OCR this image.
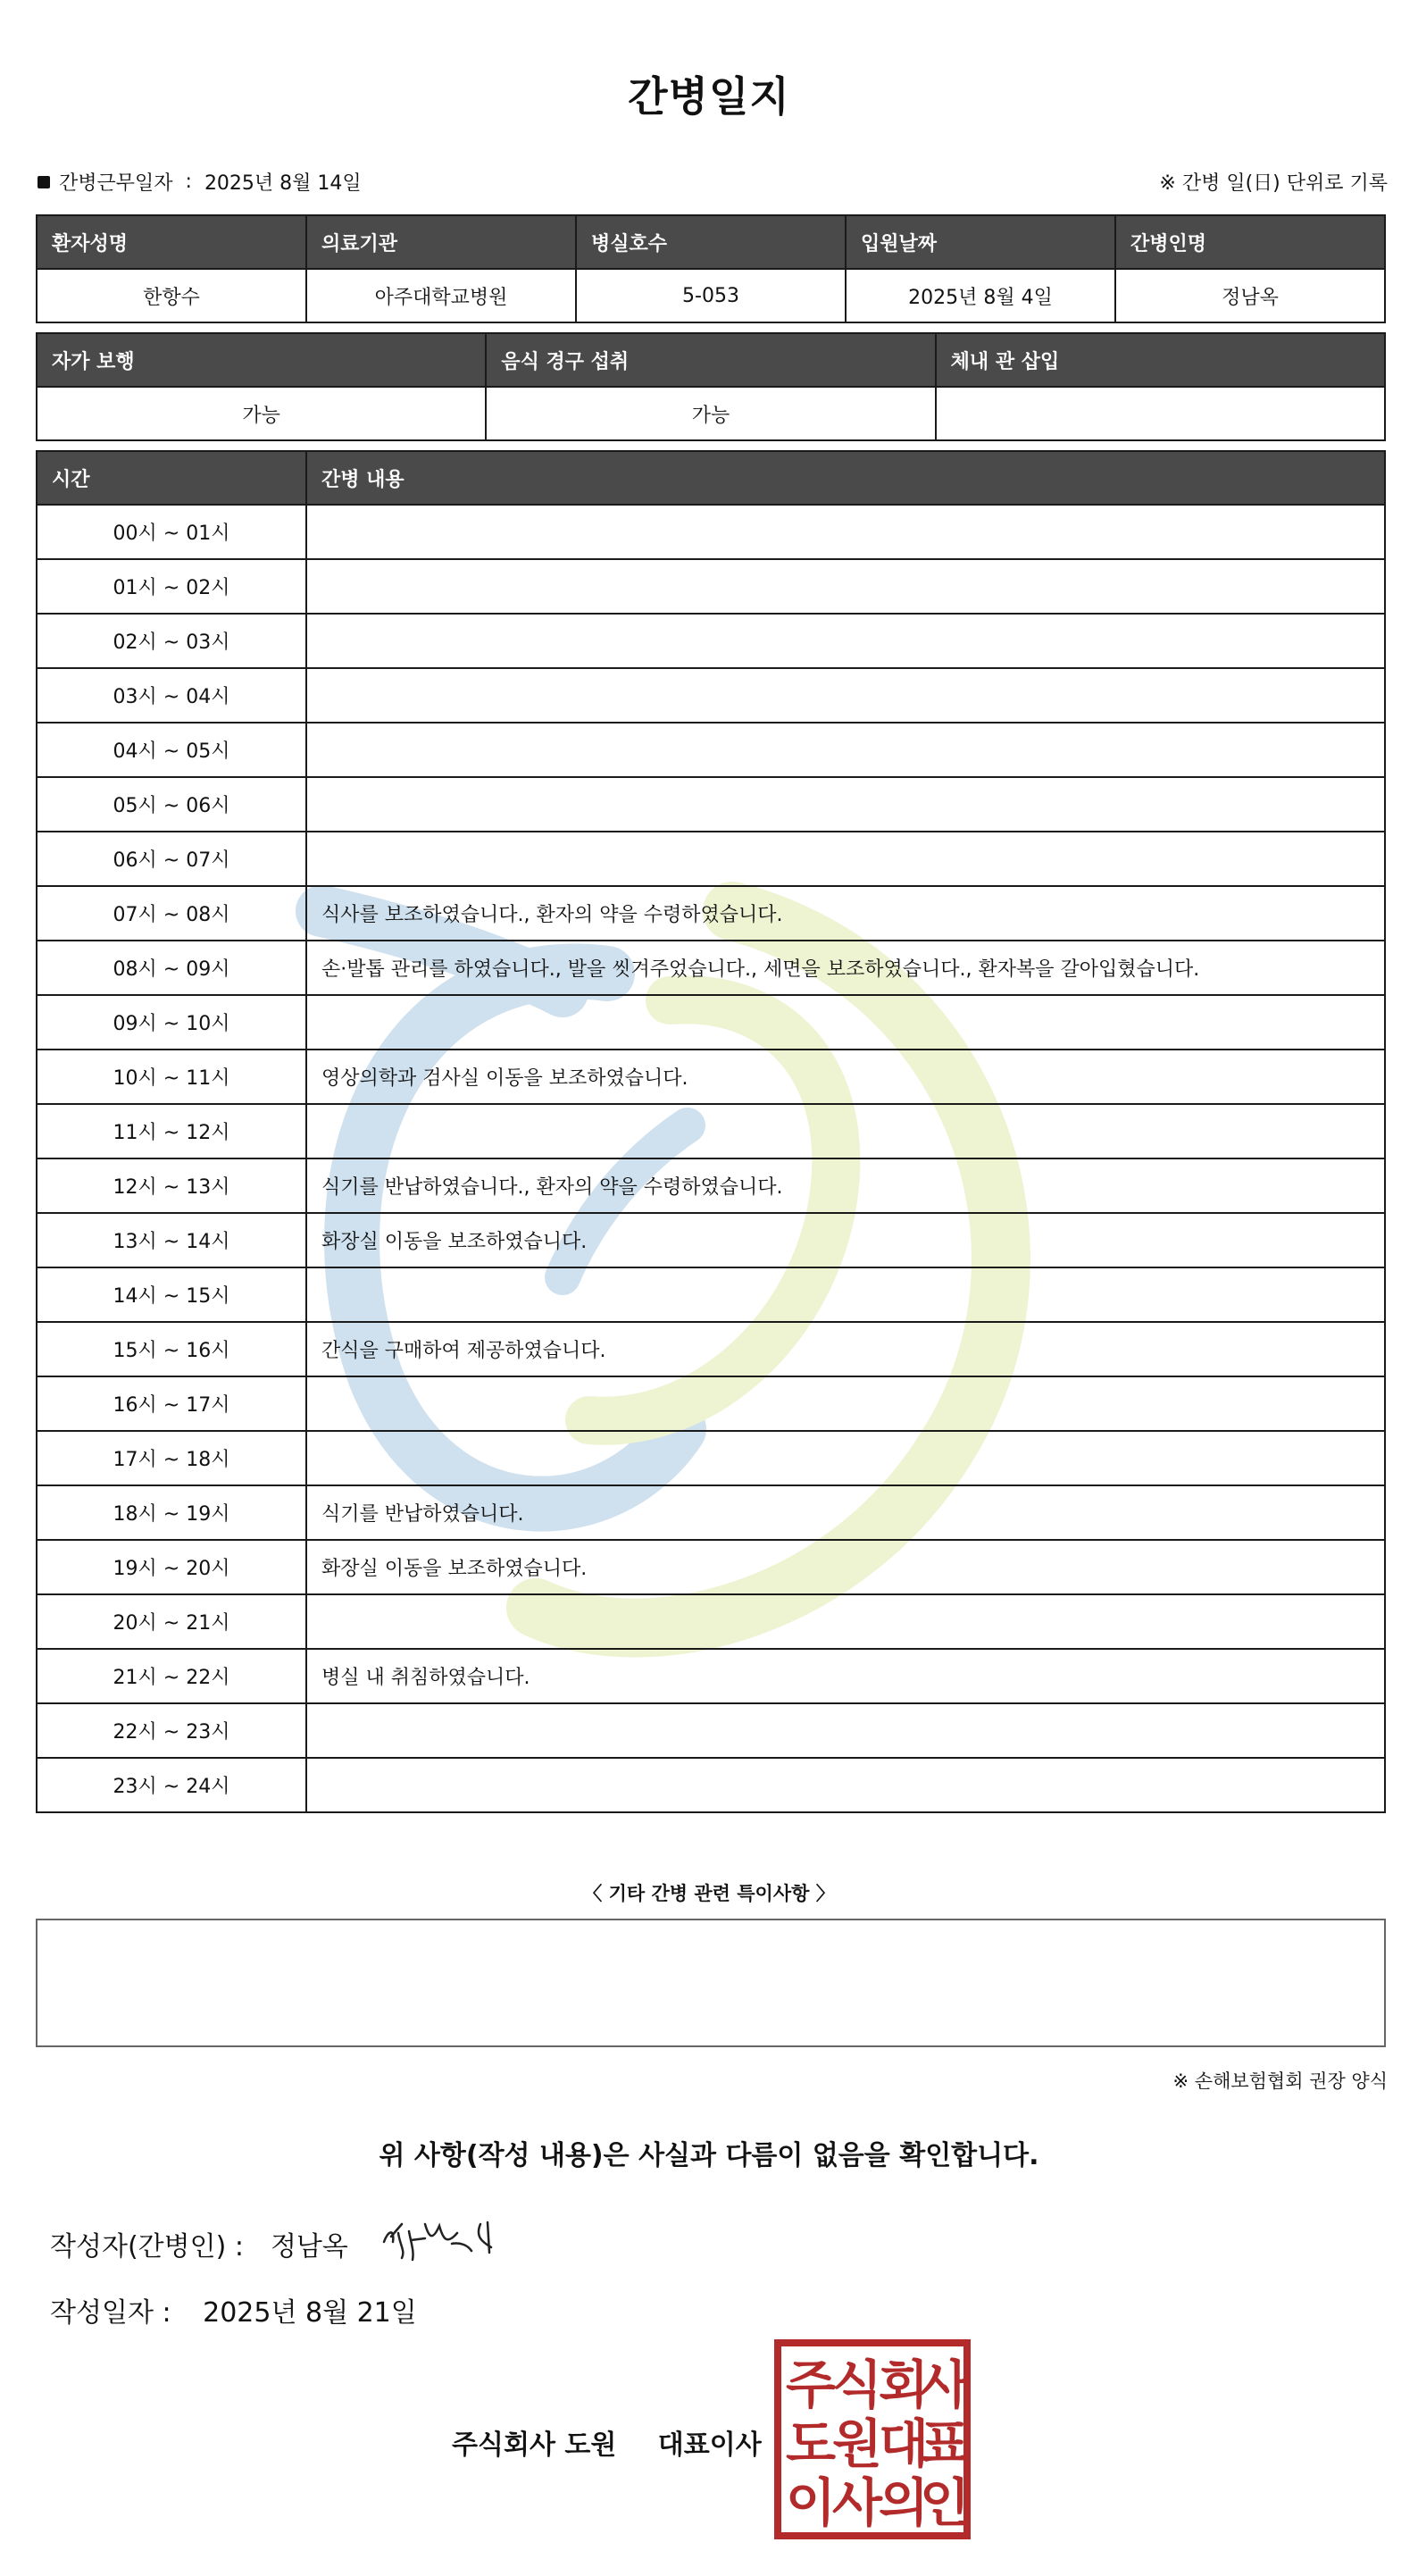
간병일지
간병근무일자 : 2025년 8월 14일	※ 간병 일(日) 단위로 기록
환자성명	의료기관	병실호수	입원날짜	간병인명
한항수	아주대학교병원	5-053	2025년 8월 4일	정남옥
자가 보행	음식 경구 섭취	체내 관 삽입
가능	가능	
시간	간병 내용
00시 ~ 01시	
01시 ~ 02시	
02시 ~ 03시	
03시 ~ 04시	
04시 ~ 05시	
05시 ~ 06시	
06시 ~ 07시	
07시 ~ 08시	식사를 보조하였습니다., 환자의 약을 수령하였습니다.
08시 ~ 09시	손·발톱 관리를 하였습니다., 발을 씻겨주었습니다., 세면을 보조하였습니다., 환자복을 갈아입혔습니다.
09시 ~ 10시	
10시 ~ 11시	영상의학과 검사실 이동을 보조하였습니다.
11시 ~ 12시	
12시 ~ 13시	식기를 반납하였습니다., 환자의 약을 수령하였습니다.
13시 ~ 14시	화장실 이동을 보조하였습니다.
14시 ~ 15시	
15시 ~ 16시	간식을 구매하여 제공하였습니다.
16시 ~ 17시	
17시 ~ 18시	
18시 ~ 19시	식기를 반납하였습니다.
19시 ~ 20시	화장실 이동을 보조하였습니다.
20시 ~ 21시	
21시 ~ 22시	병실 내 취침하였습니다.
22시 ~ 23시	
23시 ~ 24시	
〈 기타 간병 관련 특이사항 〉
※ 손해보험협회 권장 양식
위 사항(작성 내용)은 사실과 다름이 없음을 확인합니다.
작성자(간병인) : 정남옥
작성일자 : 2025년 8월 21일
주식회사 도원 대표이사
주
식
회
사
도
원
대
표
이
사
의
인
